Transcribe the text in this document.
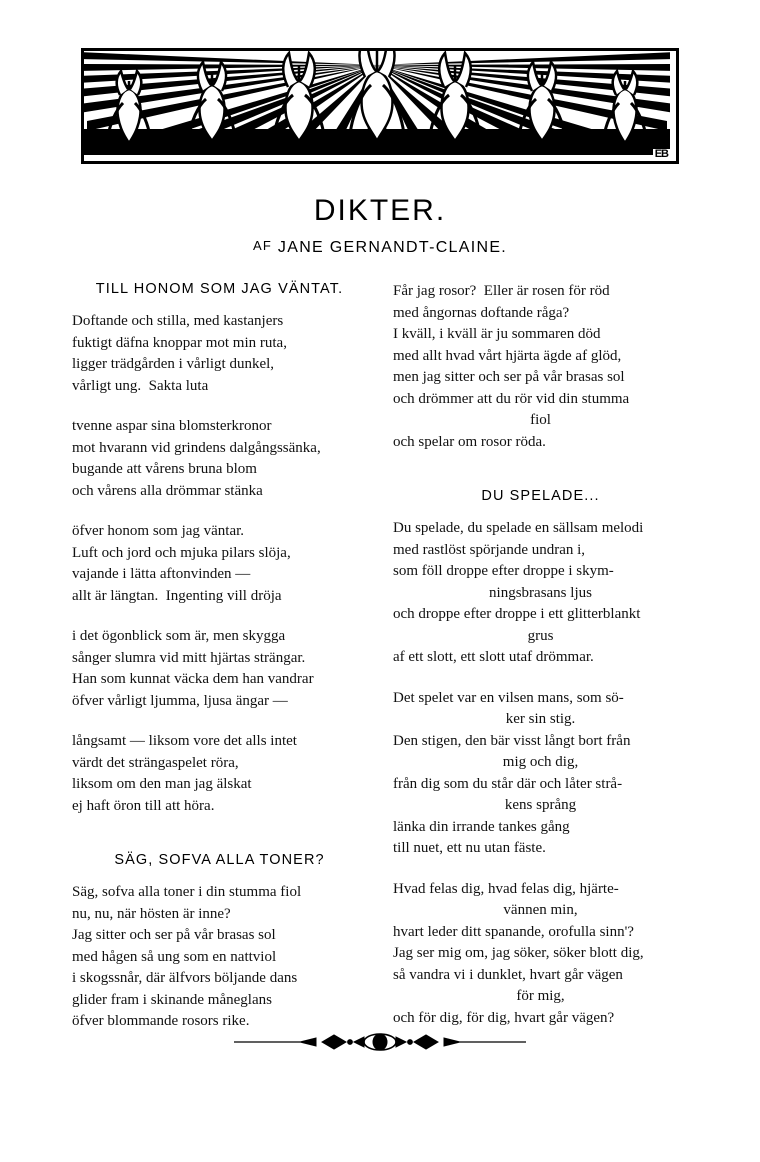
EB
DIKTER.
AF JANE GERNANDT-CLAINE.
TILL HONOM SOM JAG VÄNTAT.
Doftande och stilla, med kastanjers
fuktigt däfna knoppar mot min ruta,
ligger trädgården i vårligt dunkel,
vårligt ung.  Sakta luta
tvenne aspar sina blomsterkronor
mot hvarann vid grindens dalgångssänka,
bugande att vårens bruna blom
och vårens alla drömmar stänka
öfver honom som jag väntar.
Luft och jord och mjuka pilars slöja,
vajande i lätta aftonvinden —
allt är längtan.  Ingenting vill dröja
i det ögonblick som är, men skygga
sånger slumra vid mitt hjärtas strängar.
Han som kunnat väcka dem han vandrar
öfver vårligt ljumma, ljusa ängar —
långsamt — liksom vore det alls intet
värdt det strängaspelet röra,
liksom om den man jag älskat
ej haft öron till att höra.
SÄG, SOFVA ALLA TONER?
Säg, sofva alla toner i din stumma fiol
nu, nu, när hösten är inne?
Jag sitter och ser på vår brasas sol
med hågen så ung som en nattviol
i skogssnår, där älfvors böljande dans
glider fram i skinande måneglans
öfver blommande rosors rike.
Får jag rosor?  Eller är rosen för röd
med ångornas doftande råga?
I kväll, i kväll är ju sommaren död
med allt hvad vårt hjärta ägde af glöd,
men jag sitter och ser på vår brasas sol
och drömmer att du rör vid din stumma
fiol
och spelar om rosor röda.
DU SPELADE...
Du spelade, du spelade en sällsam melodi
med rastlöst spörjande undran i,
som föll droppe efter droppe i skym-
ningsbrasans ljus
och droppe efter droppe i ett glitterblankt
grus
af ett slott, ett slott utaf drömmar.
Det spelet var en vilsen mans, som sö-
ker sin stig.
Den stigen, den bär visst långt bort från
mig och dig,
från dig som du står där och låter strå-
kens språng
länka din irrande tankes gång
till nuet, ett nu utan fäste.
Hvad felas dig, hvad felas dig, hjärte-
vännen min,
hvart leder ditt spanande, orofulla sinn'?
Jag ser mig om, jag söker, söker blott dig,
så vandra vi i dunklet, hvart går vägen
för mig,
och för dig, för dig, hvart går vägen?
